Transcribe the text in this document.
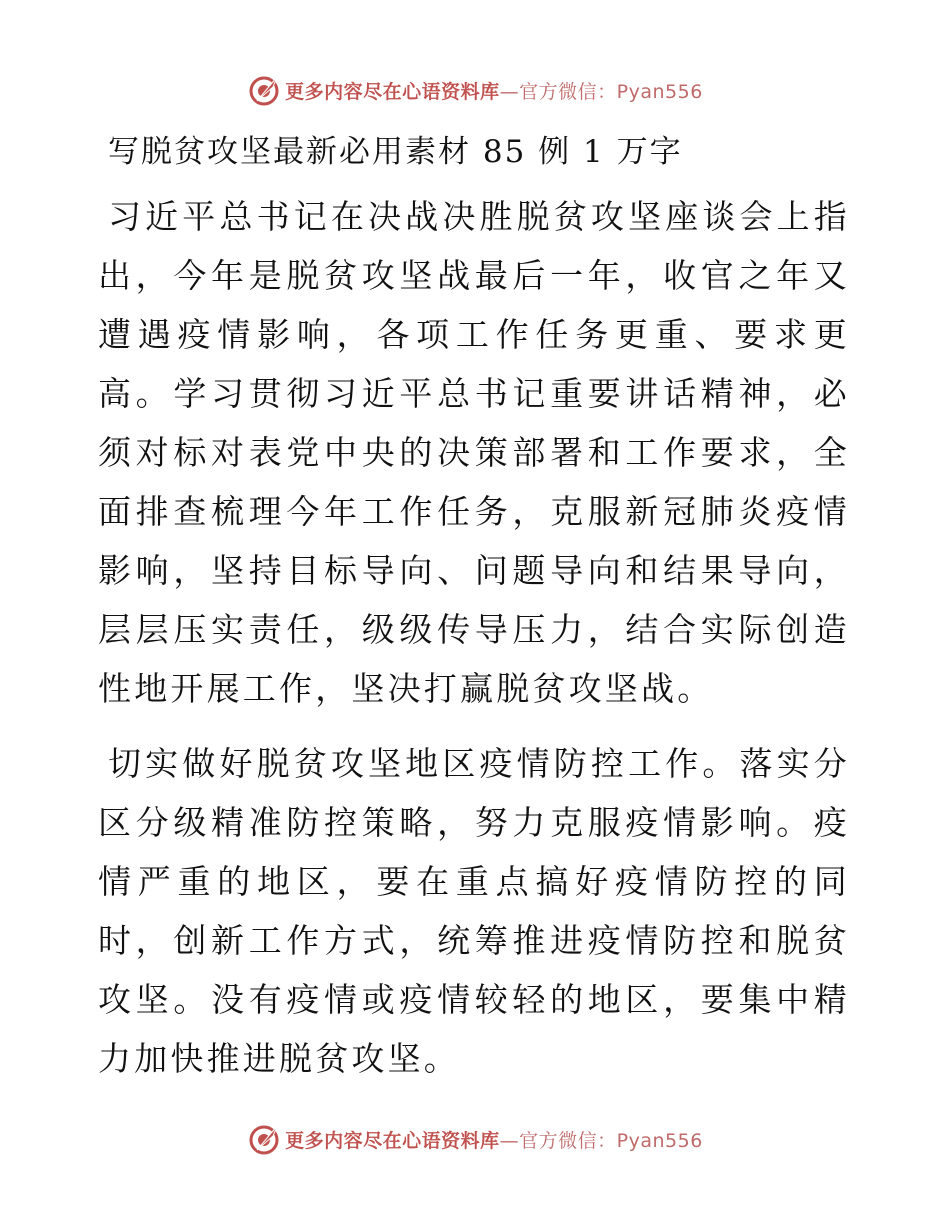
更多内容尽在心语资料库—官方微信：Pyan556
写脱贫攻坚最新必用素材 85 例 1 万字

习近平总书记在决战决胜脱贫攻坚座谈会上指出，今年是脱贫攻坚战最后一年，收官之年又遭遇疫情影响，各项工作任务更重、要求更高。学习贯彻习近平总书记重要讲话精神，必须对标对表党中央的决策部署和工作要求，全面排查梳理今年工作任务，克服新冠肺炎疫情影响，坚持目标导向、问题导向和结果导向，层层压实责任，级级传导压力，结合实际创造性地开展工作，坚决打赢脱贫攻坚战。

切实做好脱贫攻坚地区疫情防控工作。落实分区分级精准防控策略，努力克服疫情影响。疫情严重的地区，要在重点搞好疫情防控的同时，创新工作方式，统筹推进疫情防控和脱贫攻坚。没有疫情或疫情较轻的地区，要集中精力加快推进脱贫攻坚。

更多内容尽在心语资料库—官方微信：Pyan556
